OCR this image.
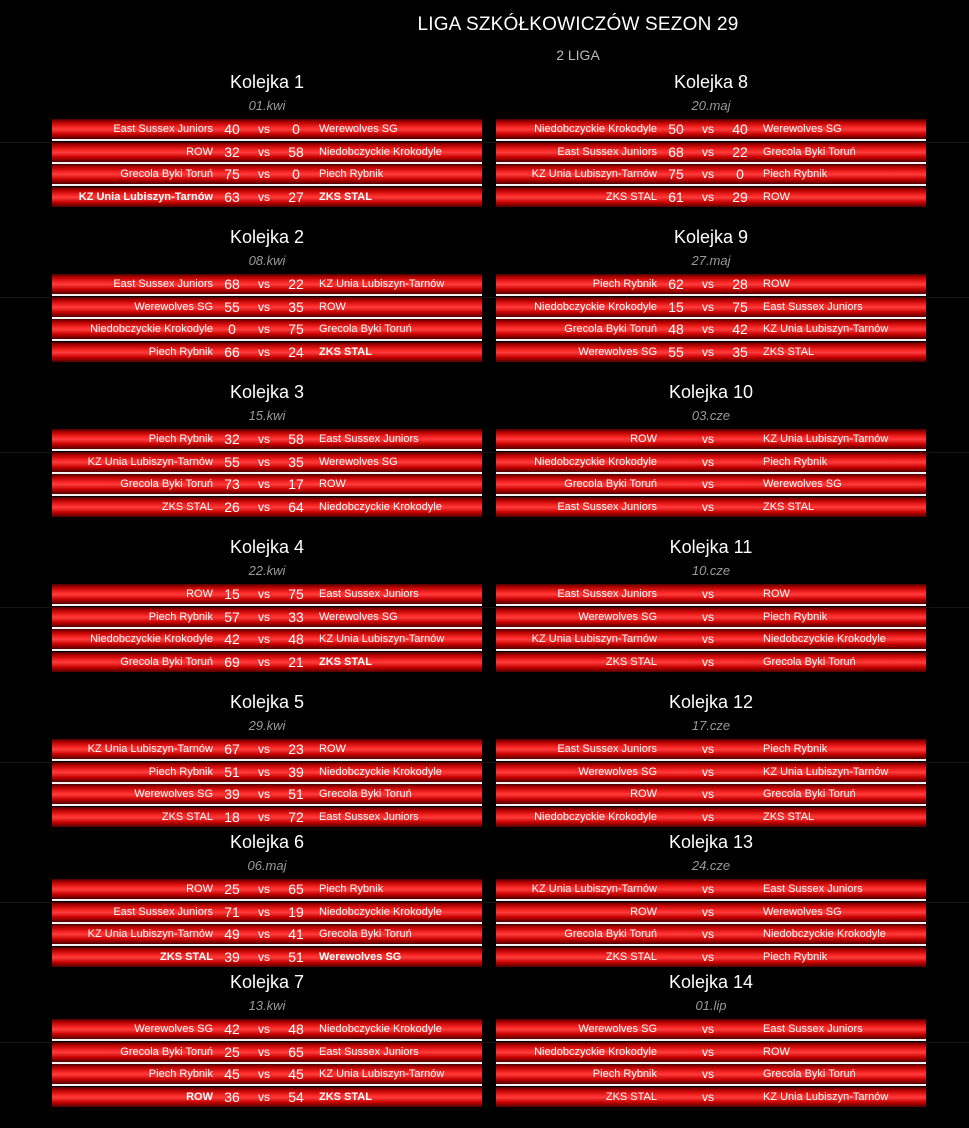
LIGA SZKÓŁKOWICZÓW SEZON 29
2 LIGA
Kolejka 1
01.kwi
East Sussex Juniors 40	vs	0	Werewolves SG
ROW 32	vs	58	Niedobczyckie Krokodyle
Grecola Byki Toruń 75	vs	0	Piech Rybnik
KZ Unia Lubiszyn-Tarnów 63	vs	27	ZKS STAL
Kolejka 2
08.kwi
East Sussex Juniors 68	vs	22	KZ Unia Lubiszyn-Tarnów
Werewolves SG 55	vs	35	ROW
Niedobczyckie Krokodyle	0	vs	75	Grecola Byki Toruń
Piech Rybnik 66	vs	24	ZKS STAL
Kolejka 3
15.kwi
Piech Rybnik 32	vs	58	East Sussex Juniors
KZ Unia Lubiszyn-Tarnów 55	vs	35	Werewolves SG
Grecola Byki Toruń 73	vs	17	ROW
ZKS STAL 26	vs	64	Niedobczyckie Krokodyle
Kolejka 4
22.kwi
ROW 15	vs	75	East Sussex Juniors
Piech Rybnik 57	vs	33	Werewolves SG
Niedobczyckie Krokodyle 42	vs	48	KZ Unia Lubiszyn-Tarnów
Grecola Byki Toruń 69	vs	21	ZKS STAL
Kolejka 5
29.kwi
KZ Unia Lubiszyn-Tarnów 67	vs	23	ROW
Piech Rybnik 51	vs	39	Niedobczyckie Krokodyle
Werewolves SG 39	vs	51	Grecola Byki Toruń
ZKS STAL 18	vs	72	East Sussex Juniors
Kolejka 6
06.maj
ROW 25	vs	65	Piech Rybnik
East Sussex Juniors 71	vs	19	Niedobczyckie Krokodyle
KZ Unia Lubiszyn-Tarnów 49	vs	41	Grecola Byki Toruń
ZKS STAL 39	vs	51	Werewolves SG
Kolejka 7
13.kwi
Werewolves SG 42	vs	48	Niedobczyckie Krokodyle
Grecola Byki Toruń 25	vs	65	East Sussex Juniors
Piech Rybnik 45	vs	45	KZ Unia Lubiszyn-Tarnów
ROW 36	vs	54	ZKS STAL
Kolejka 8
20.maj
Niedobczyckie Krokodyle 50	vs	40	Werewolves SG
East Sussex Juniors 68	vs	22	Grecola Byki Toruń
KZ Unia Lubiszyn-Tarnów 75	vs	0	Piech Rybnik
ZKS STAL 61	vs	29	ROW
Kolejka 9
27.maj
Piech Rybnik 62	vs	28	ROW
Niedobczyckie Krokodyle 15	vs	75	East Sussex Juniors
Grecola Byki Toruń 48	vs	42	KZ Unia Lubiszyn-Tarnów
Werewolves SG 55	vs	35	ZKS STAL
Kolejka 10
03.cze
ROW	vs	KZ Unia Lubiszyn-Tarnów
Niedobczyckie Krokodyle	vs	Piech Rybnik
Grecola Byki Toruń	vs	Werewolves SG
East Sussex Juniors	vs	ZKS STAL
Kolejka 11
10.cze
East Sussex Juniors	vs	ROW
Werewolves SG	vs	Piech Rybnik
KZ Unia Lubiszyn-Tarnów	vs	Niedobczyckie Krokodyle
ZKS STAL	vs	Grecola Byki Toruń
Kolejka 12
17.cze
East Sussex Juniors	vs	Piech Rybnik
Werewolves SG	vs	KZ Unia Lubiszyn-Tarnów
ROW	vs	Grecola Byki Toruń
Niedobczyckie Krokodyle	vs	ZKS STAL
Kolejka 13
24.cze
KZ Unia Lubiszyn-Tarnów	vs	East Sussex Juniors
ROW	vs	Werewolves SG
Grecola Byki Toruń	vs	Niedobczyckie Krokodyle
ZKS STAL	vs	Piech Rybnik
Kolejka 14
01.lip
Werewolves SG	vs	East Sussex Juniors
Niedobczyckie Krokodyle	vs	ROW
Piech Rybnik	vs	Grecola Byki Toruń
ZKS STAL	vs	KZ Unia Lubiszyn-Tarnów
